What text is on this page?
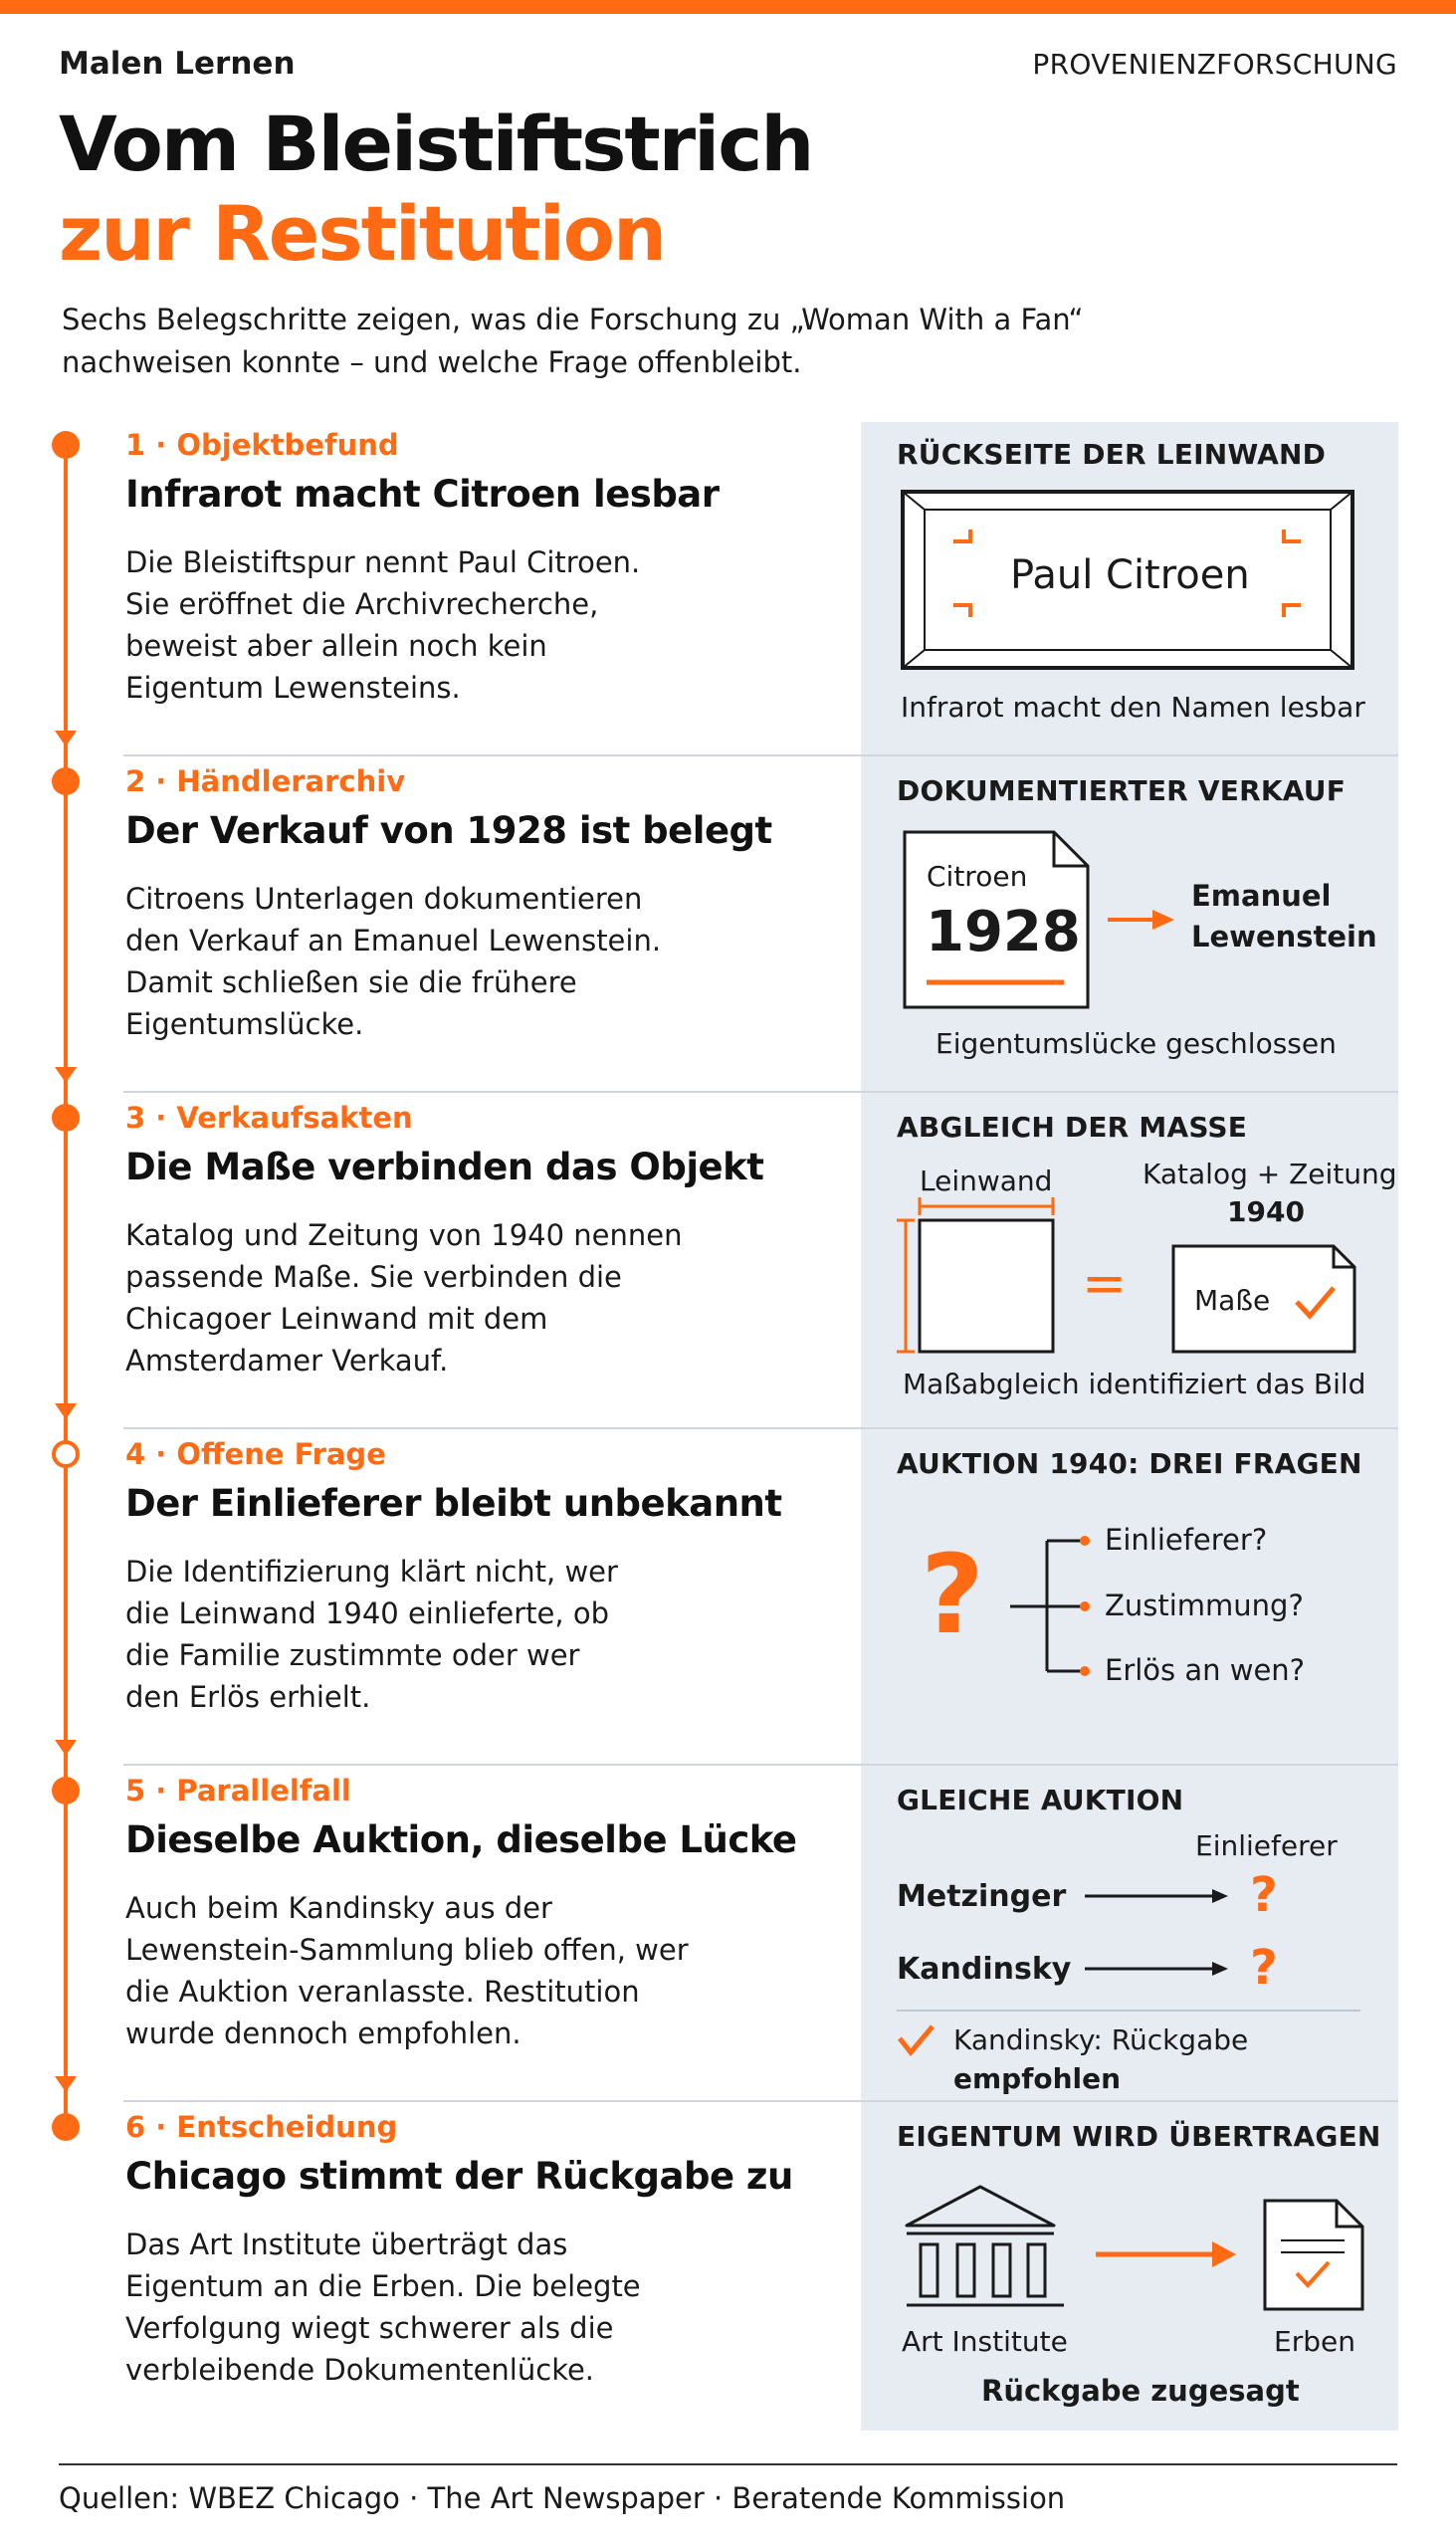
Malen Lernen	PROVENIENZFORSCHUNG
Vom Bleistiftstrich
zur Restitution
Sechs Belegschritte zeigen, was die Forschung zu „Woman With a Fan“
nachweisen konnte – und welche Frage offenbleibt.
1 · Objektbefund
Infrarot macht Citroen lesbar
Die Bleistiftspur nennt Paul Citroen.
Sie eröffnet die Archivrecherche,
beweist aber allein noch kein
Eigentum Lewensteins.
RÜCKSEITE DER LEINWAND
Paul Citroen
Infrarot macht den Namen lesbar
2 · Händlerarchiv
Der Verkauf von 1928 ist belegt
Citroens Unterlagen dokumentieren
den Verkauf an Emanuel Lewenstein.
Damit schließen sie die frühere
Eigentumslücke.
DOKUMENTIERTER VERKAUF
Citroen
1928
Emanuel
Lewenstein
Eigentumslücke geschlossen
3 · Verkaufsakten
Die Maße verbinden das Objekt
Katalog und Zeitung von 1940 nennen
passende Maße. Sie verbinden die
Chicagoer Leinwand mit dem
Amsterdamer Verkauf.
ABGLEICH DER MASSE
Leinwand	Katalog + Zeitung
1940
= Maße
Maßabgleich identifiziert das Bild
4 · Offene Frage
Der Einlieferer bleibt unbekannt
Die Identifizierung klärt nicht, wer
die Leinwand 1940 einlieferte, ob
die Familie zustimmte oder wer
den Erlös erhielt.
AUKTION 1940: DREI FRAGEN
?	Einlieferer?
Zustimmung?
Erlös an wen?
5 · Parallelfall
Dieselbe Auktion, dieselbe Lücke
Auch beim Kandinsky aus der
Lewenstein-Sammlung blieb offen, wer
die Auktion veranlasste. Restitution
wurde dennoch empfohlen.
GLEICHE AUKTION
Einlieferer
Metzinger	?
Kandinsky	?
Kandinsky: Rückgabe
empfohlen
6 · Entscheidung
Chicago stimmt der Rückgabe zu
Das Art Institute überträgt das
Eigentum an die Erben. Die belegte
Verfolgung wiegt schwerer als die
verbleibende Dokumentenlücke.
EIGENTUM WIRD ÜBERTRAGEN
Art Institute	Erben
Rückgabe zugesagt
Quellen: WBEZ Chicago · The Art Newspaper · Beratende Kommission
